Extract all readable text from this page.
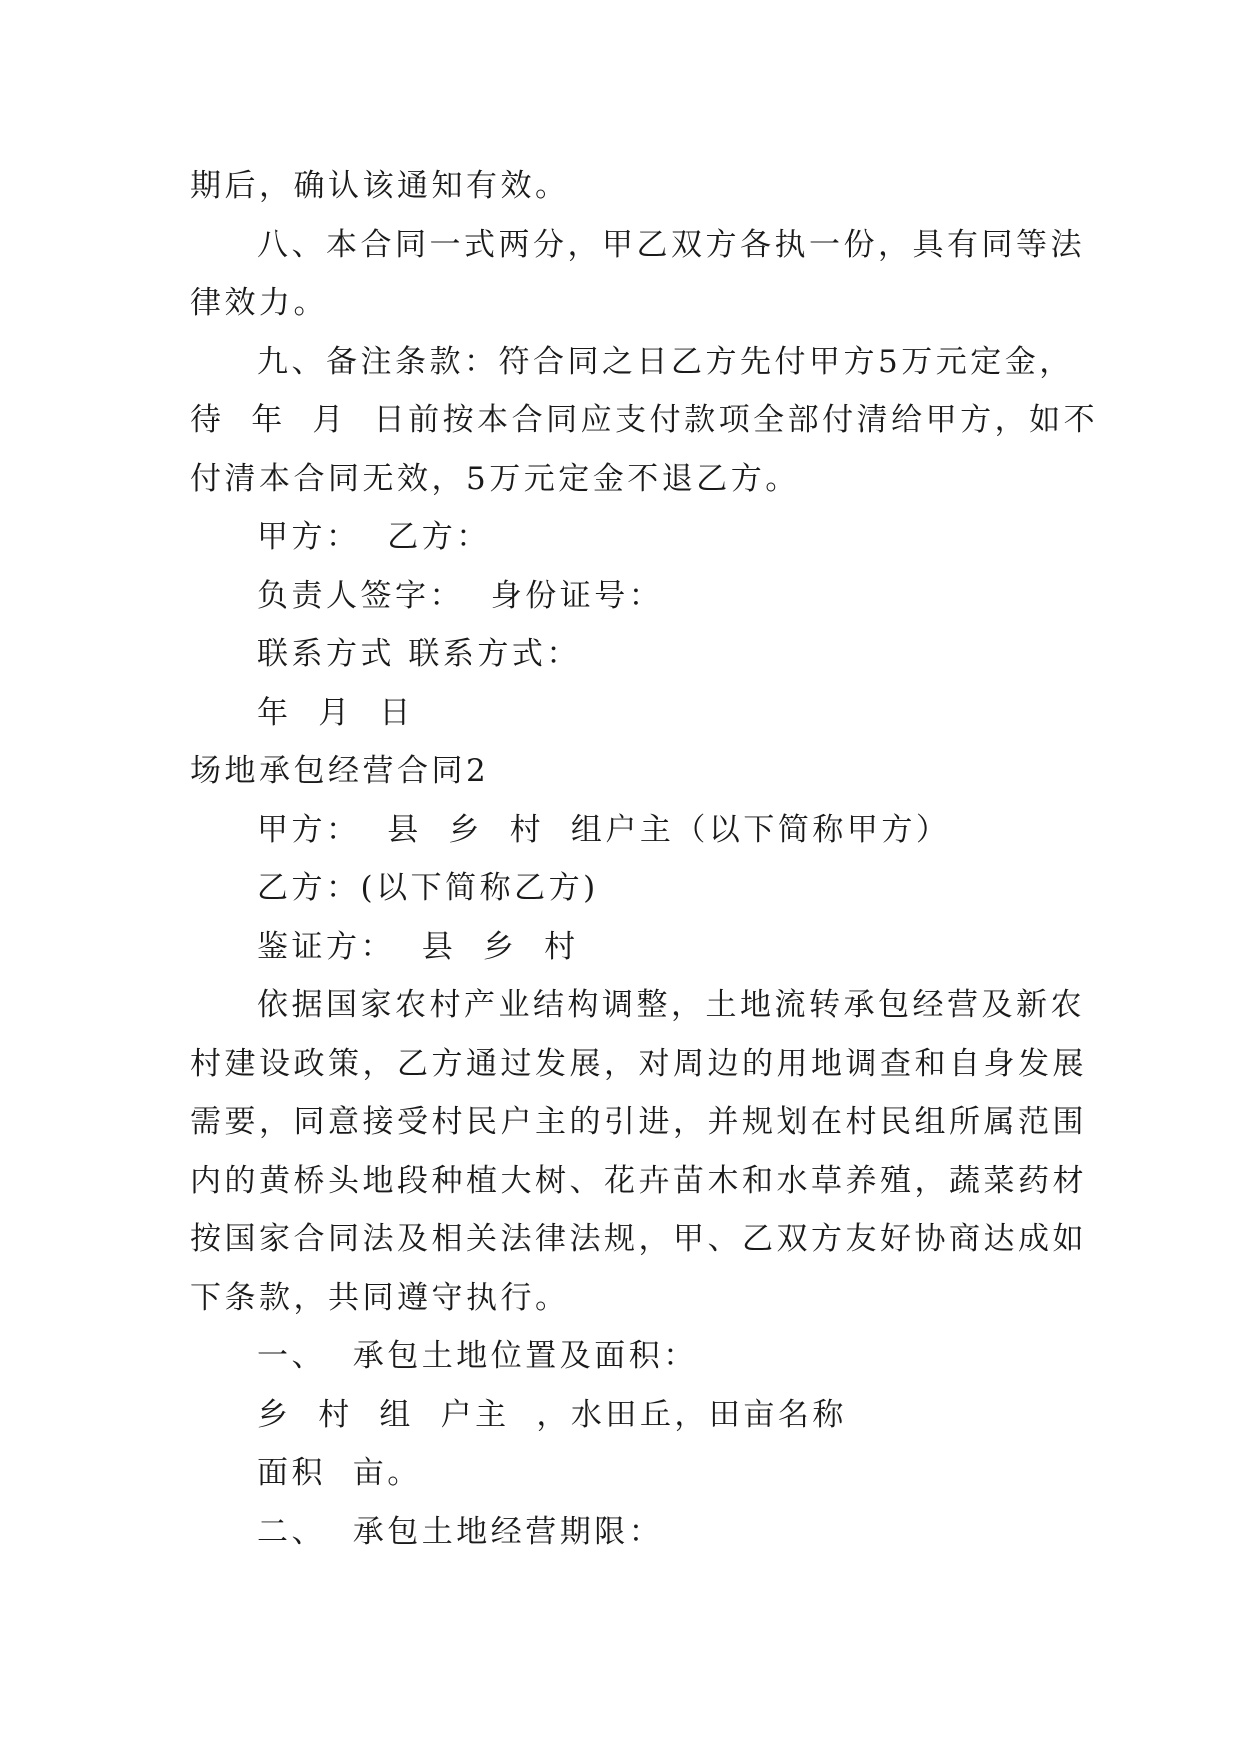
期后，确认该通知有效。
八、本合同一式两分，甲乙双方各执一份，具有同等法
律效力。
九、备注条款：符合同之日乙方先付甲方5万元定金，
待  年  月  日前按本合同应支付款项全部付清给甲方，如不
付清本合同无效，5万元定金不退乙方。
甲方：  乙方：
负责人签字：  身份证号：
联系方式 联系方式：
年  月  日
场地承包经营合同2
甲方：  县  乡  村  组户主（以下简称甲方）
乙方：(以下简称乙方)
鉴证方：  县  乡  村
依据国家农村产业结构调整，土地流转承包经营及新农
村建设政策，乙方通过发展，对周边的用地调查和自身发展
需要，同意接受村民户主的引进，并规划在村民组所属范围
内的黄桥头地段种植大树、花卉苗木和水草养殖，蔬菜药材
按国家合同法及相关法律法规，甲、乙双方友好协商达成如
下条款，共同遵守执行。
一、  承包土地位置及面积：
乡  村  组  户主  ，水田丘，田亩名称
面积  亩。
二、  承包土地经营期限：
